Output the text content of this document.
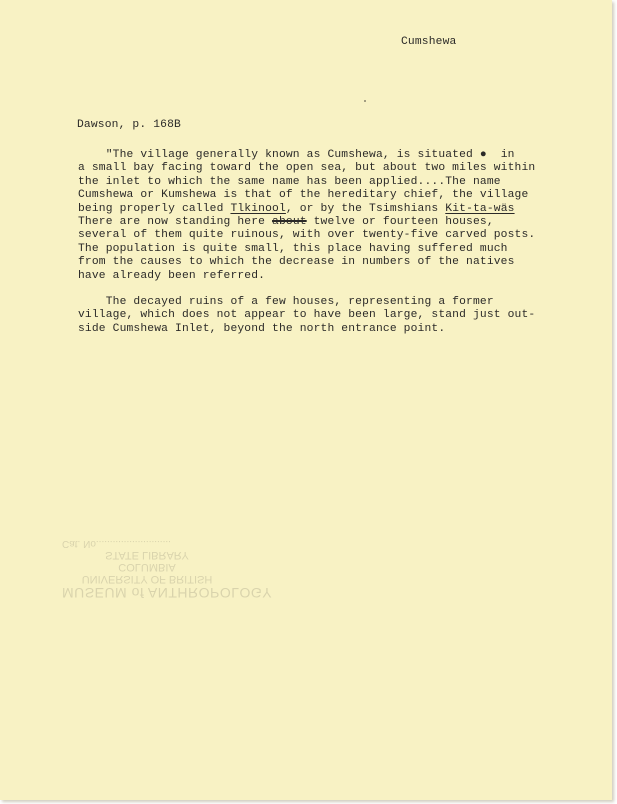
Cumshewa

Dawson, p. 168B

"The village generally known as Cumshewa, is situated ● in
a small bay facing toward the open sea, but about two miles within
the inlet to which the same name has been applied....The name
Cumshewa or Kumshewa is that of the hereditary chief, the village
being properly called Tlkinool, or by the Tsimshians Kit-ta-wäs
There are now standing here about twelve or fourteen houses,
several of them quite ruinous, with over twenty-five carved posts.
The population is quite small, this place having suffered much
from the causes to which the decrease in numbers of the natives
have already been referred.
The decayed ruins of a few houses, representing a former
village, which does not appear to have been large, stand just out-
side Cumshewa Inlet, beyond the north entrance point.
MUSEUM of ANTHROPOLOGY
UNIVERSITY OF BRITISH
COLUMBIA
STATE LIBRARY
Cat. No...........................
